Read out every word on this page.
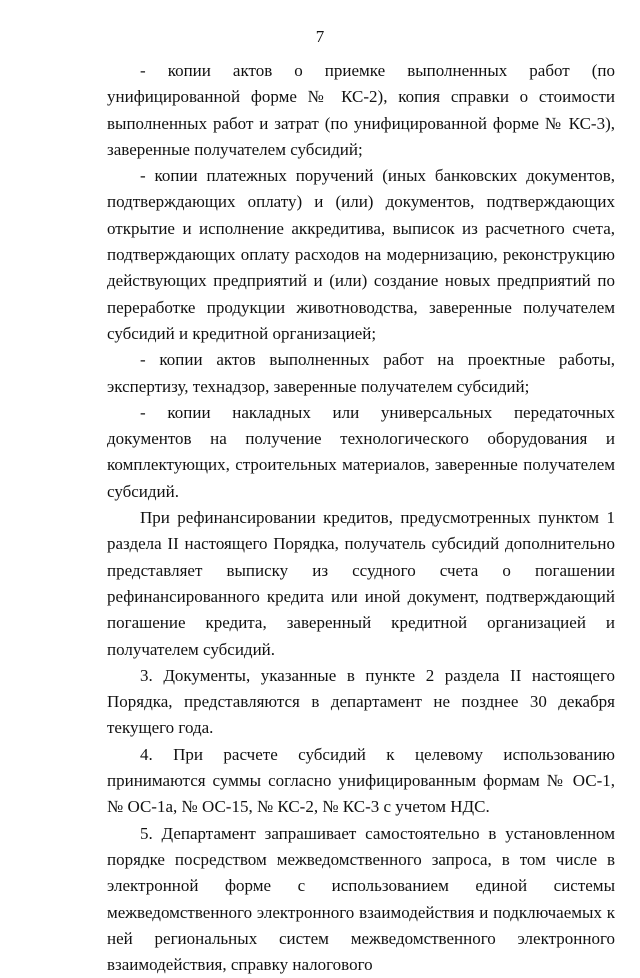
7

- копии актов о приемке выполненных работ (по унифицированной форме № КС-2), копия справки о стоимости выполненных работ и затрат (по унифицированной форме № КС-3), заверенные получателем субсидий;

- копии платежных поручений (иных банковских документов, подтверждающих оплату) и (или) документов, подтверждающих открытие и исполнение аккредитива, выписок из расчетного счета, подтверждающих оплату расходов на модернизацию, реконструкцию действующих предприятий и (или) создание новых предприятий по переработке продукции животноводства, заверенные получателем субсидий и кредитной организацией;

- копии актов выполненных работ на проектные работы, экспертизу, технадзор, заверенные получателем субсидий;

- копии накладных или универсальных передаточных документов на получение технологического оборудования и комплектующих, строительных материалов, заверенные получателем субсидий.

При рефинансировании кредитов, предусмотренных пунктом 1 раздела II настоящего Порядка, получатель субсидий дополнительно представляет выписку из ссудного счета о погашении рефинансированного кредита или иной документ, подтверждающий погашение кредита, заверенный кредитной организацией и получателем субсидий.

3. Документы, указанные в пункте 2 раздела II настоящего Порядка, представляются в департамент не позднее 30 декабря текущего года.

4. При расчете субсидий к целевому использованию принимаются суммы согласно унифицированным формам № ОС-1, № ОС-1а, № ОС-15, № КС-2, № КС-3 с учетом НДС.

5. Департамент запрашивает самостоятельно в установленном порядке посредством межведомственного запроса, в том числе в электронной форме с использованием единой системы межведомственного электронного взаимодействия и подключаемых к ней региональных систем межведомственного электронного взаимодействия, справку налогового
